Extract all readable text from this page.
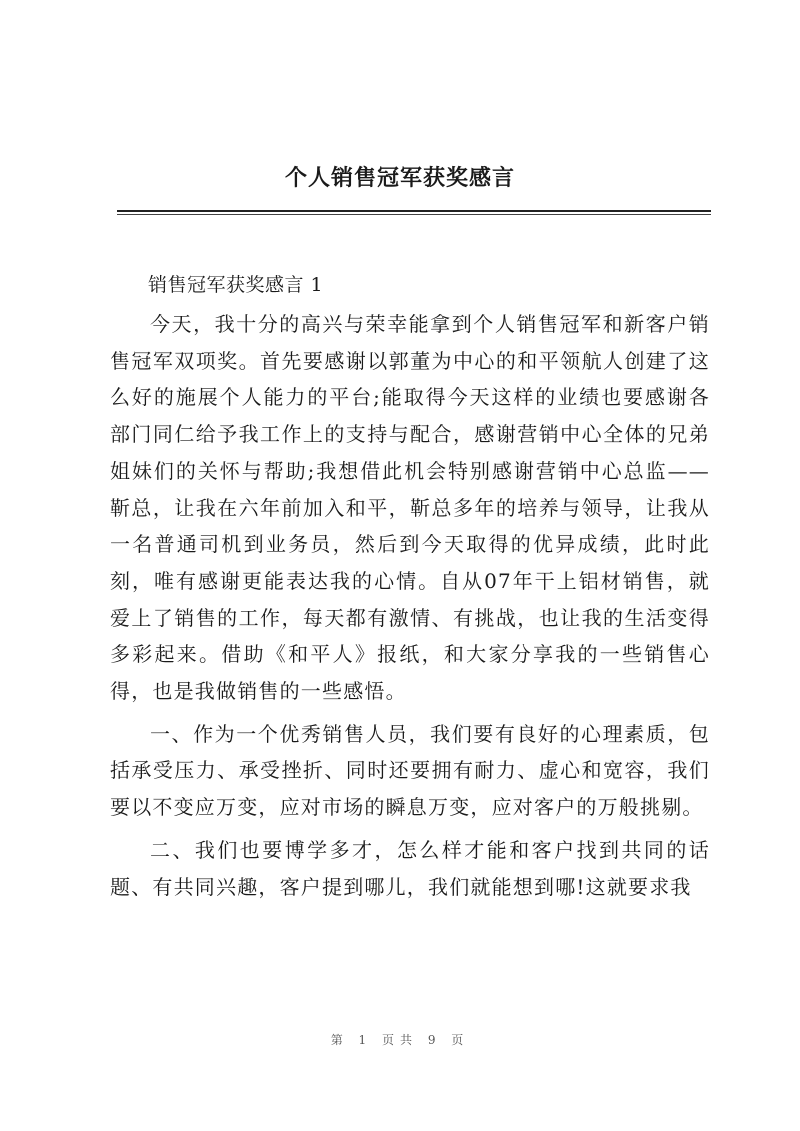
个人销售冠军获奖感言
销售冠军获奖感言 1

今天，我十分的高兴与荣幸能拿到个人销售冠军和新客户销售冠军双项奖。首先要感谢以郭董为中心的和平领航人创建了这么好的施展个人能力的平台;能取得今天这样的业绩也要感谢各部门同仁给予我工作上的支持与配合，感谢营销中心全体的兄弟姐妹们的关怀与帮助;我想借此机会特别感谢营销中心总监——靳总，让我在六年前加入和平，靳总多年的培养与领导，让我从一名普通司机到业务员，然后到今天取得的优异成绩，此时此刻，唯有感谢更能表达我的心情。自从07年干上铝材销售，就爱上了销售的工作，每天都有激情、有挑战，也让我的生活变得多彩起来。借助《和平人》报纸，和大家分享我的一些销售心得，也是我做销售的一些感悟。

一、作为一个优秀销售人员，我们要有良好的心理素质，包括承受压力、承受挫折、同时还要拥有耐力、虚心和宽容，我们要以不变应万变，应对市场的瞬息万变，应对客户的万般挑剔。

二、我们也要博学多才，怎么样才能和客户找到共同的话题、有共同兴趣，客户提到哪儿，我们就能想到哪!这就要求我

第 1 页共 9 页
